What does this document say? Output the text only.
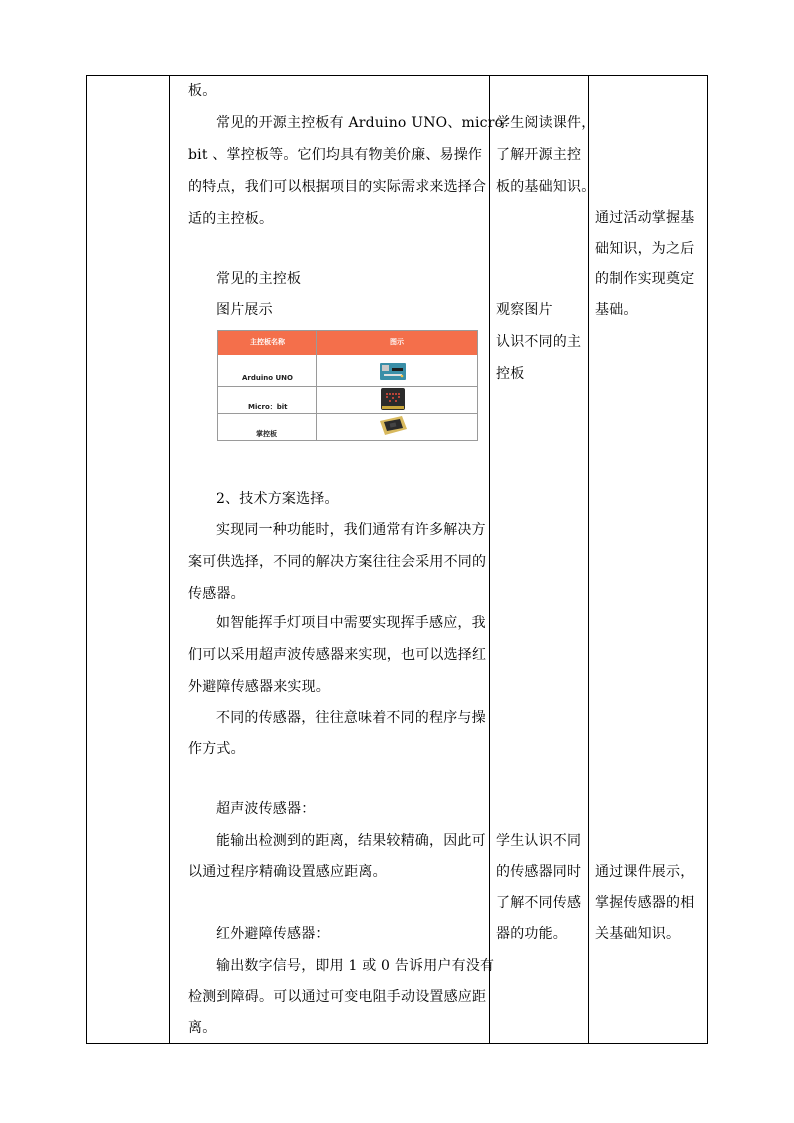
板。
常见的开源主控板有 Arduino UNO、micro：
bit 、掌控板等。它们均具有物美价廉、易操作
的特点，我们可以根据项目的实际需求来选择合
适的主控板。
常见的主控板
图片展示
主控板名称	图示
Arduino UNO
Micro：bit
掌控板
2、技术方案选择。
实现同一种功能时，我们通常有许多解决方
案可供选择，不同的解决方案往往会采用不同的
传感器。
如智能挥手灯项目中需要实现挥手感应，我
们可以采用超声波传感器来实现，也可以选择红
外避障传感器来实现。
不同的传感器，往往意味着不同的程序与操
作方式。
超声波传感器：
能输出检测到的距离，结果较精确，因此可
以通过程序精确设置感应距离。
红外避障传感器：
输出数字信号，即用 1 或 0 告诉用户有没有
检测到障碍。可以通过可变电阻手动设置感应距
离。
学生阅读课件，
了解开源主控
板的基础知识。
观察图片
认识不同的主
控板
学生认识不同
的传感器同时
了解不同传感
器的功能。
通过活动掌握基
础知识，为之后
的制作实现奠定
基础。
通过课件展示，
掌握传感器的相
关基础知识。
